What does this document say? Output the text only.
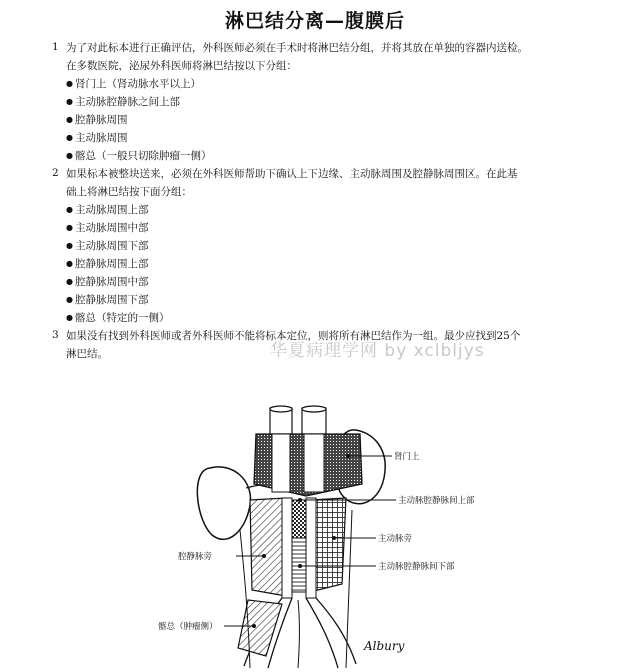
淋巴结分离—腹膜后
1 为了对此标本进行正确评估，外科医师必须在手术时将淋巴结分组，并将其放在单独的容器内送检。
在多数医院，泌尿外科医师将淋巴结按以下分组：
● 肾门上（肾动脉水平以上）
● 主动脉腔静脉之间上部
● 腔静脉周围
● 主动脉周围
● 髂总（一般只切除肿瘤一侧）
2 如果标本被整块送来，必须在外科医师帮助下确认上下边缘、主动脉周围及腔静脉周围区。在此基
础上将淋巴结按下面分组：
● 主动脉周围上部
● 主动脉周围中部
● 主动脉周围下部
● 腔静脉周围上部
● 腔静脉周围中部
● 腔静脉周围下部
● 髂总（特定的一侧）
3 如果没有找到外科医师或者外科医师不能将标本定位，则将所有淋巴结作为一组。最少应找到25个
淋巴结。	华夏病理学网 by xclbljys
肾门上
主动脉腔静脉间上部
主动脉旁
腔静脉旁
主动脉腔静脉间下部
髂总（肿瘤侧）
Albury
